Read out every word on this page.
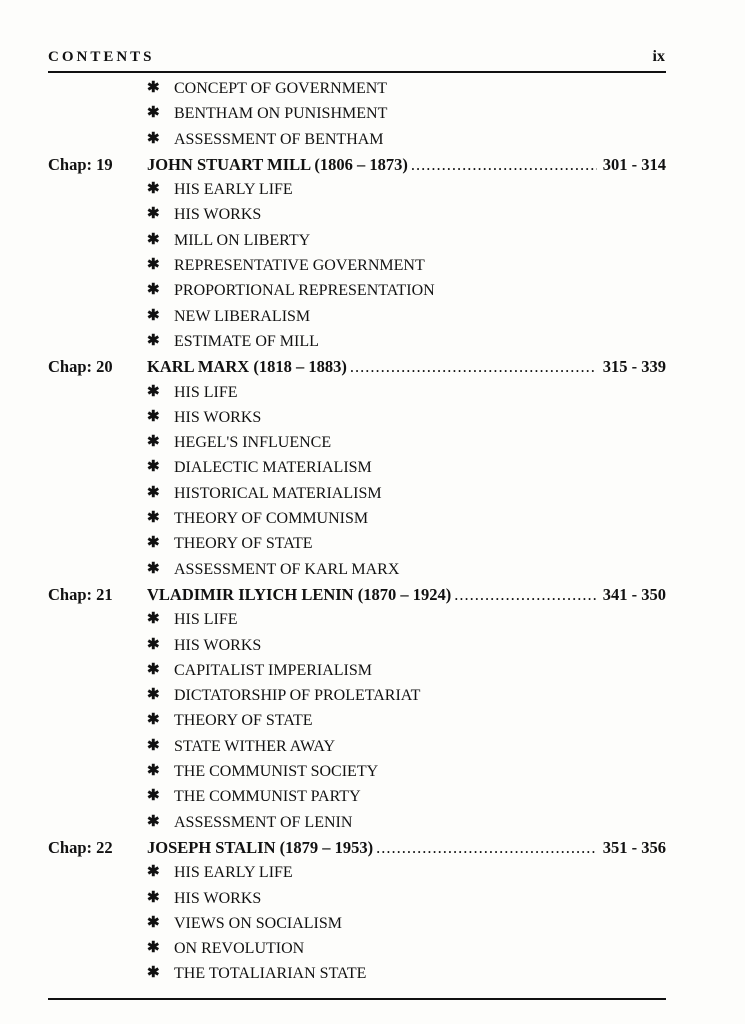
CONTENTS	ix
✱ CONCEPT OF GOVERNMENT
✱ BENTHAM ON PUNISHMENT
✱ ASSESSMENT OF BENTHAM
Chap: 19 JOHN STUART MILL (1806 – 1873) .....	301 - 314
✱ HIS EARLY LIFE
✱ HIS WORKS
✱ MILL ON LIBERTY
✱ REPRESENTATIVE GOVERNMENT
✱ PROPORTIONAL REPRESENTATION
✱ NEW LIBERALISM
✱ ESTIMATE OF MILL
Chap: 20 KARL MARX (1818 – 1883) .....	315 - 339
✱ HIS LIFE
✱ HIS WORKS
✱ HEGEL'S INFLUENCE
✱ DIALECTIC MATERIALISM
✱ HISTORICAL MATERIALISM
✱ THEORY OF COMMUNISM
✱ THEORY OF STATE
✱ ASSESSMENT OF KARL MARX
Chap: 21 VLADIMIR ILYICH LENIN (1870 – 1924) .....	341 - 350
✱ HIS LIFE
✱ HIS WORKS
✱ CAPITALIST IMPERIALISM
✱ DICTATORSHIP OF PROLETARIAT
✱ THEORY OF STATE
✱ STATE WITHER AWAY
✱ THE COMMUNIST SOCIETY
✱ THE COMMUNIST PARTY
✱ ASSESSMENT OF LENIN
Chap: 22 JOSEPH STALIN (1879 – 1953) .....	351 - 356
✱ HIS EARLY LIFE
✱ HIS WORKS
✱ VIEWS ON SOCIALISM
✱ ON REVOLUTION
✱ THE TOTALIARIAN STATE
